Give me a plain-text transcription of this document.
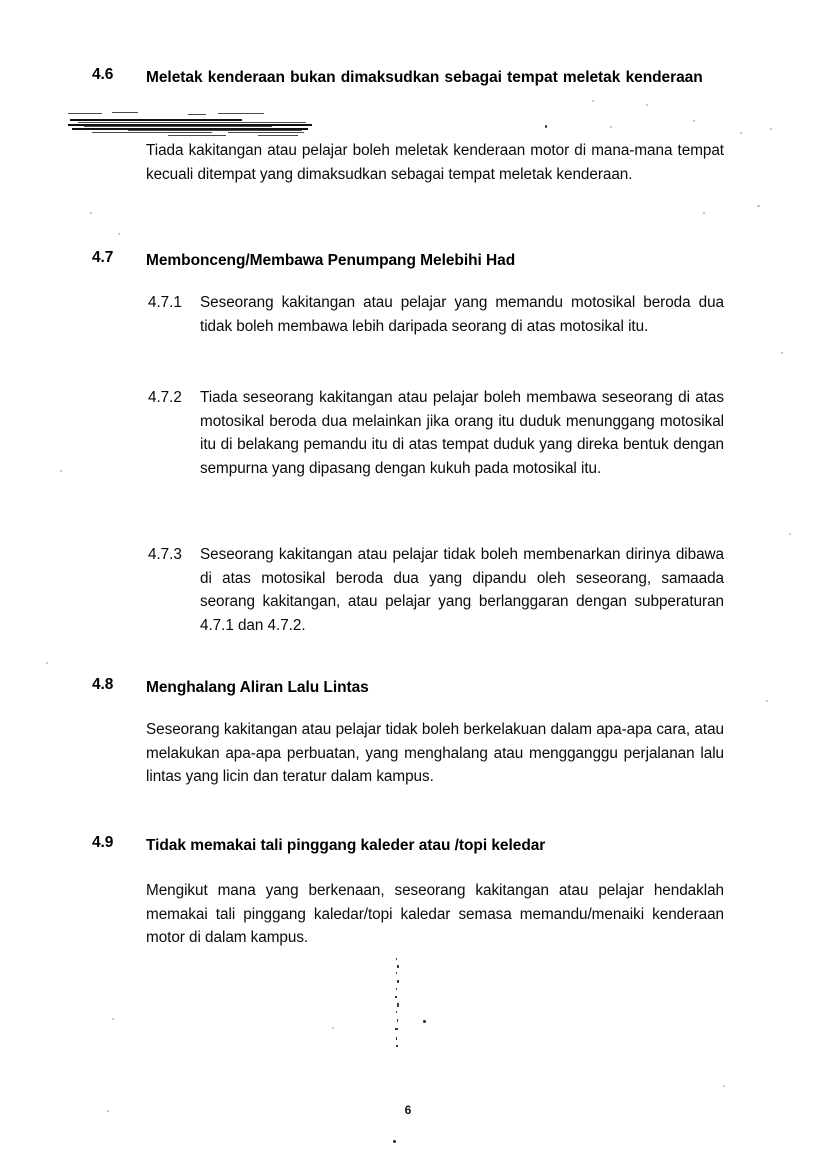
4.6	Meletak kenderaan bukan dimaksudkan sebagai tempat meletak kenderaan
Tiada kakitangan atau pelajar boleh meletak kenderaan motor di mana-mana tempat kecuali ditempat yang dimaksudkan sebagai tempat meletak kenderaan.
4.7	Membonceng/Membawa Penumpang Melebihi Had
4.7.1	Seseorang kakitangan atau pelajar yang memandu motosikal beroda dua tidak boleh membawa lebih daripada seorang di atas motosikal itu.
4.7.2	Tiada seseorang kakitangan atau pelajar boleh membawa seseorang di atas motosikal beroda dua melainkan jika orang itu duduk menunggang motosikal itu di belakang pemandu itu di atas tempat duduk yang direka bentuk dengan sempurna yang dipasang dengan kukuh pada motosikal itu.
4.7.3	Seseorang kakitangan atau pelajar tidak boleh membenarkan dirinya dibawa di atas motosikal beroda dua yang dipandu oleh seseorang, samaada seorang kakitangan, atau pelajar yang berlanggaran dengan subperaturan 4.7.1 dan 4.7.2.
4.8	Menghalang Aliran Lalu Lintas
Seseorang kakitangan atau pelajar tidak boleh berkelakuan dalam apa-apa cara, atau melakukan apa-apa perbuatan, yang menghalang atau mengganggu perjalanan lalu lintas yang licin dan teratur dalam kampus.
4.9	Tidak memakai tali pinggang kaleder atau /topi keledar
Mengikut mana yang berkenaan, seseorang kakitangan atau pelajar hendaklah memakai tali pinggang kaledar/topi kaledar semasa memandu/menaiki kenderaan motor di dalam kampus.
6
